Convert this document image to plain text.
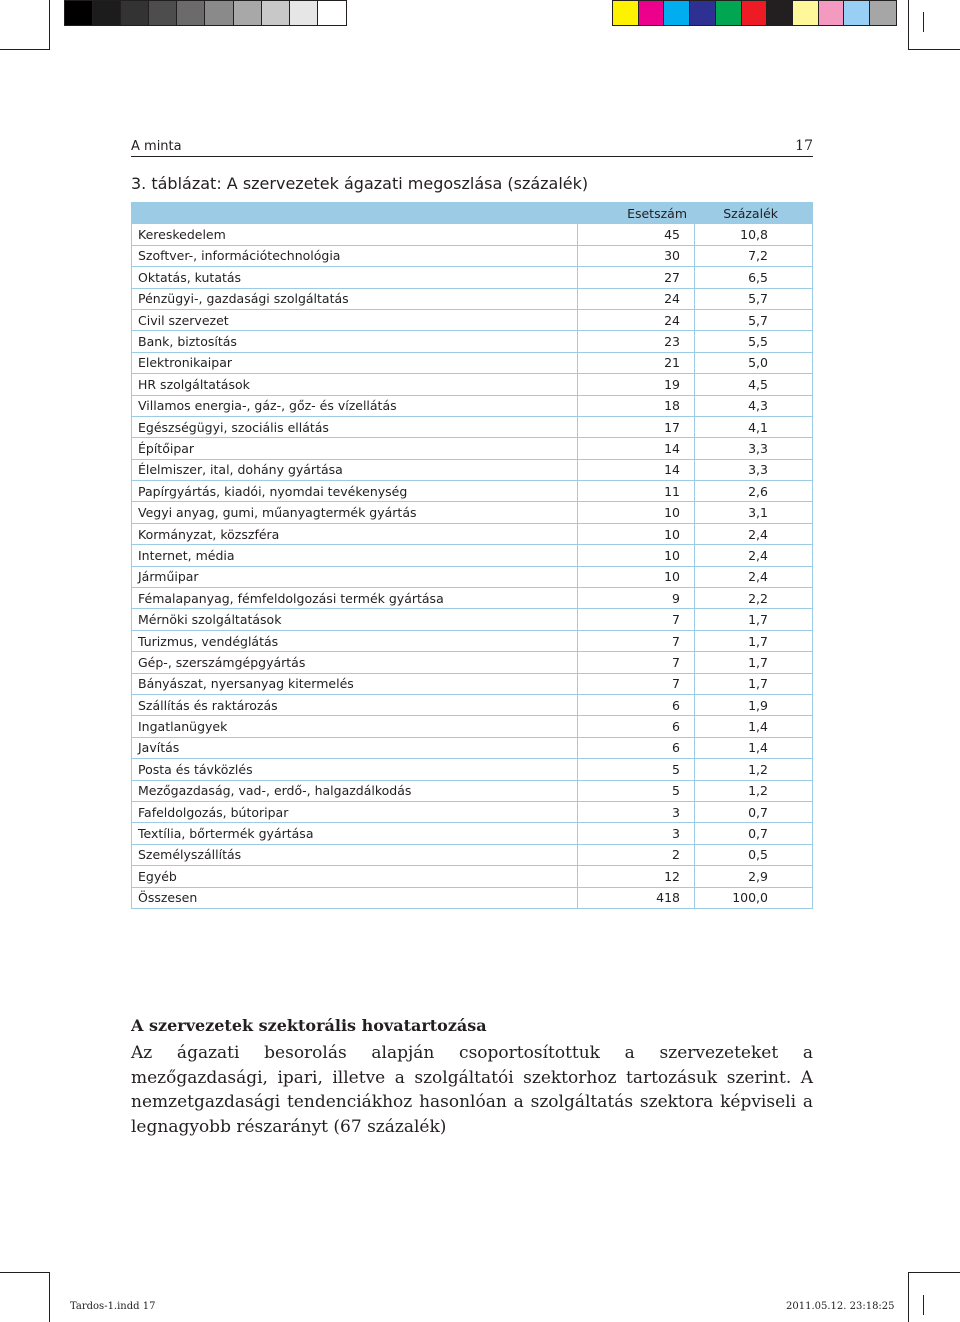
A minta	17
3. táblázat: A szervezetek ágazati megoszlása (százalék)
	Esetszám	Százalék
Kereskedelem	45	10,8
Szoftver-, információtechnológia	30	7,2
Oktatás, kutatás	27	6,5
Pénzügyi-, gazdasági szolgáltatás	24	5,7
Civil szervezet	24	5,7
Bank, biztosítás	23	5,5
Elektronikaipar	21	5,0
HR szolgáltatások	19	4,5
Villamos energia-, gáz-, gőz- és vízellátás	18	4,3
Egészségügyi, szociális ellátás	17	4,1
Építőipar	14	3,3
Élelmiszer, ital, dohány gyártása	14	3,3
Papírgyártás, kiadói, nyomdai tevékenység	11	2,6
Vegyi anyag, gumi, műanyagtermék gyártás	10	3,1
Kormányzat, közszféra	10	2,4
Internet, média	10	2,4
Járműipar	10	2,4
Fémalapanyag, fémfeldolgozási termék gyártása	9	2,2
Mérnöki szolgáltatások	7	1,7
Turizmus, vendéglátás	7	1,7
Gép-, szerszámgépgyártás	7	1,7
Bányászat, nyersanyag kitermelés	7	1,7
Szállítás és raktározás	6	1,9
Ingatlanügyek	6	1,4
Javítás	6	1,4
Posta és távközlés	5	1,2
Mezőgazdaság, vad-, erdő-, halgazdálkodás	5	1,2
Fafeldolgozás, bútoripar	3	0,7
Textília, bőrtermék gyártása	3	0,7
Személyszállítás	2	0,5
Egyéb	12	2,9
Összesen	418	100,0
A szervezetek szektorális hovatartozása

Az ágazati besorolás alapján csoportosítottuk a szervezeteket a mezőgazdasági, ipari, illetve a szolgáltatói szektorhoz tartozásuk szerint. A nemzetgazdasági tendenciákhoz hasonlóan a szolgáltatás szektora képviseli a legnagyobb részarányt (67 százalék)

Tardos-1.indd 17	2011.05.12. 23:18:25
